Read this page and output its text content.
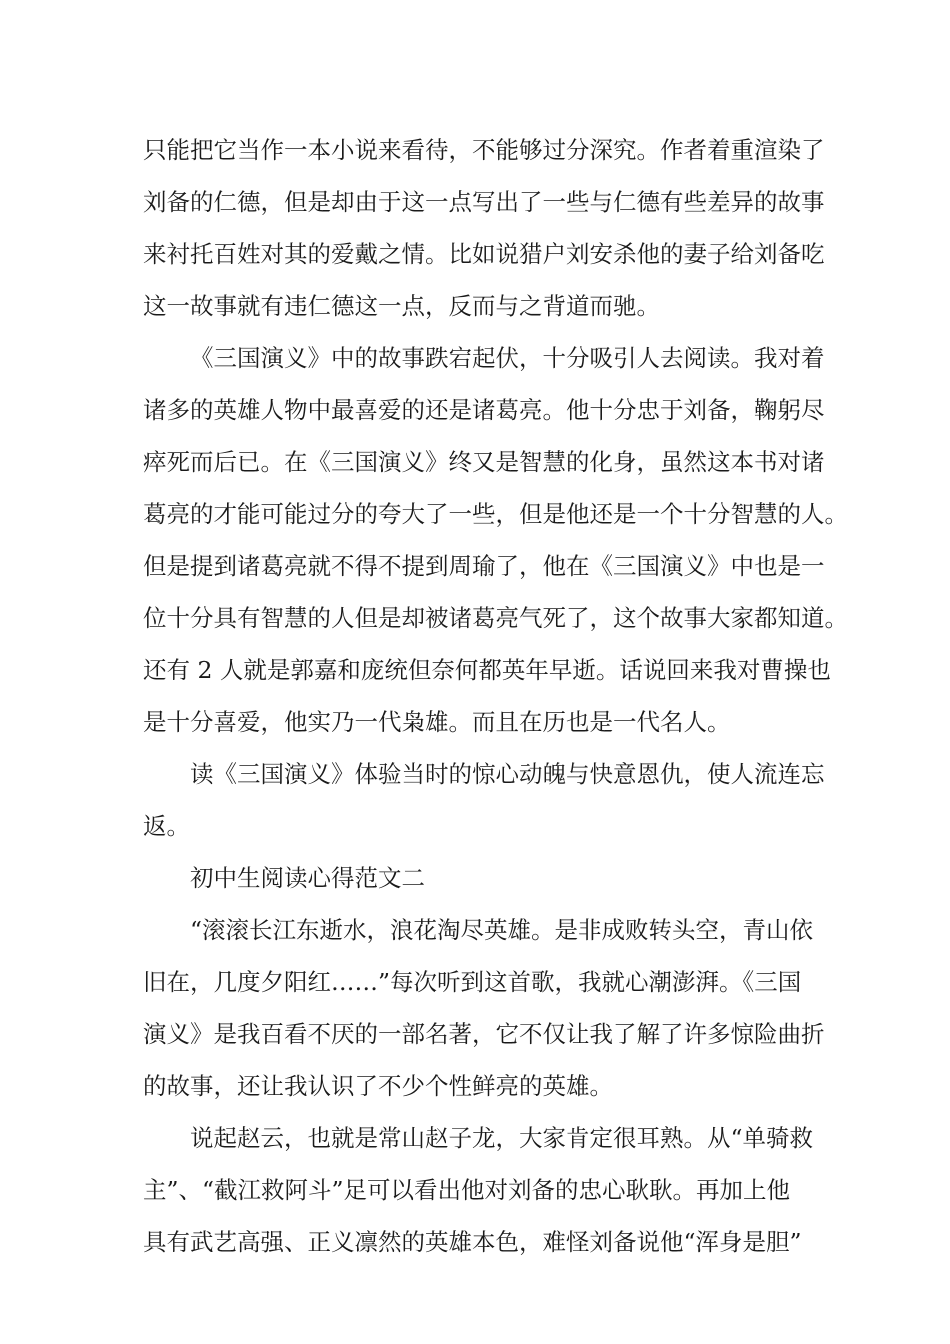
只能把它当作一本小说来看待，不能够过分深究。作者着重渲染了
刘备的仁德，但是却由于这一点写出了一些与仁德有些差异的故事
来衬托百姓对其的爱戴之情。比如说猎户刘安杀他的妻子给刘备吃
这一故事就有违仁德这一点，反而与之背道而驰。
《三国演义》中的故事跌宕起伏，十分吸引人去阅读。我对着
诸多的英雄人物中最喜爱的还是诸葛亮。他十分忠于刘备，鞠躬尽
瘁死而后已。在《三国演义》终又是智慧的化身，虽然这本书对诸
葛亮的才能可能过分的夸大了一些，但是他还是一个十分智慧的人。
但是提到诸葛亮就不得不提到周瑜了，他在《三国演义》中也是一
位十分具有智慧的人但是却被诸葛亮气死了，这个故事大家都知道。
还有 2 人就是郭嘉和庞统但奈何都英年早逝。话说回来我对曹操也
是十分喜爱，他实乃一代枭雄。而且在历也是一代名人。
读《三国演义》体验当时的惊心动魄与快意恩仇，使人流连忘
返。
初中生阅读心得范文二
“滚滚长江东逝水，浪花淘尽英雄。是非成败转头空，青山依
旧在，几度夕阳红……”每次听到这首歌，我就心潮澎湃。《三国
演义》是我百看不厌的一部名著，它不仅让我了解了许多惊险曲折
的故事，还让我认识了不少个性鲜亮的英雄。
说起赵云，也就是常山赵子龙，大家肯定很耳熟。从“单骑救
主”、“截江救阿斗”足可以看出他对刘备的忠心耿耿。再加上他
具有武艺高强、正义凛然的英雄本色，难怪刘备说他“浑身是胆”
